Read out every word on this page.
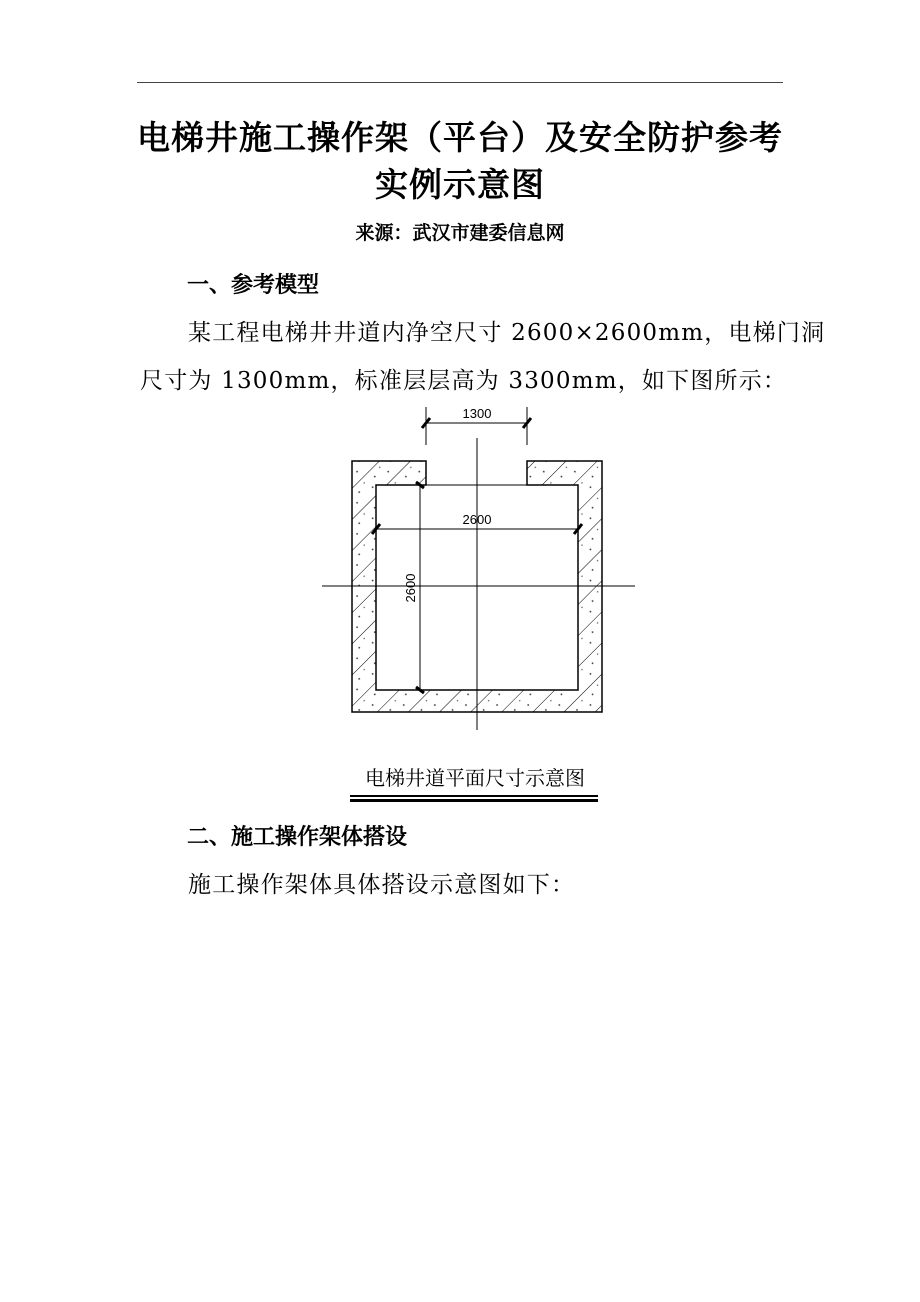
电梯井施工操作架（平台）及安全防护参考
实例示意图
来源：武汉市建委信息网
一、参考模型
某工程电梯井井道内净空尺寸 2600×2600mm，电梯门洞
尺寸为 1300mm，标准层层高为 3300mm，如下图所示：
1300
2600
2600
电梯井道平面尺寸示意图
二、施工操作架体搭设
施工操作架体具体搭设示意图如下：
